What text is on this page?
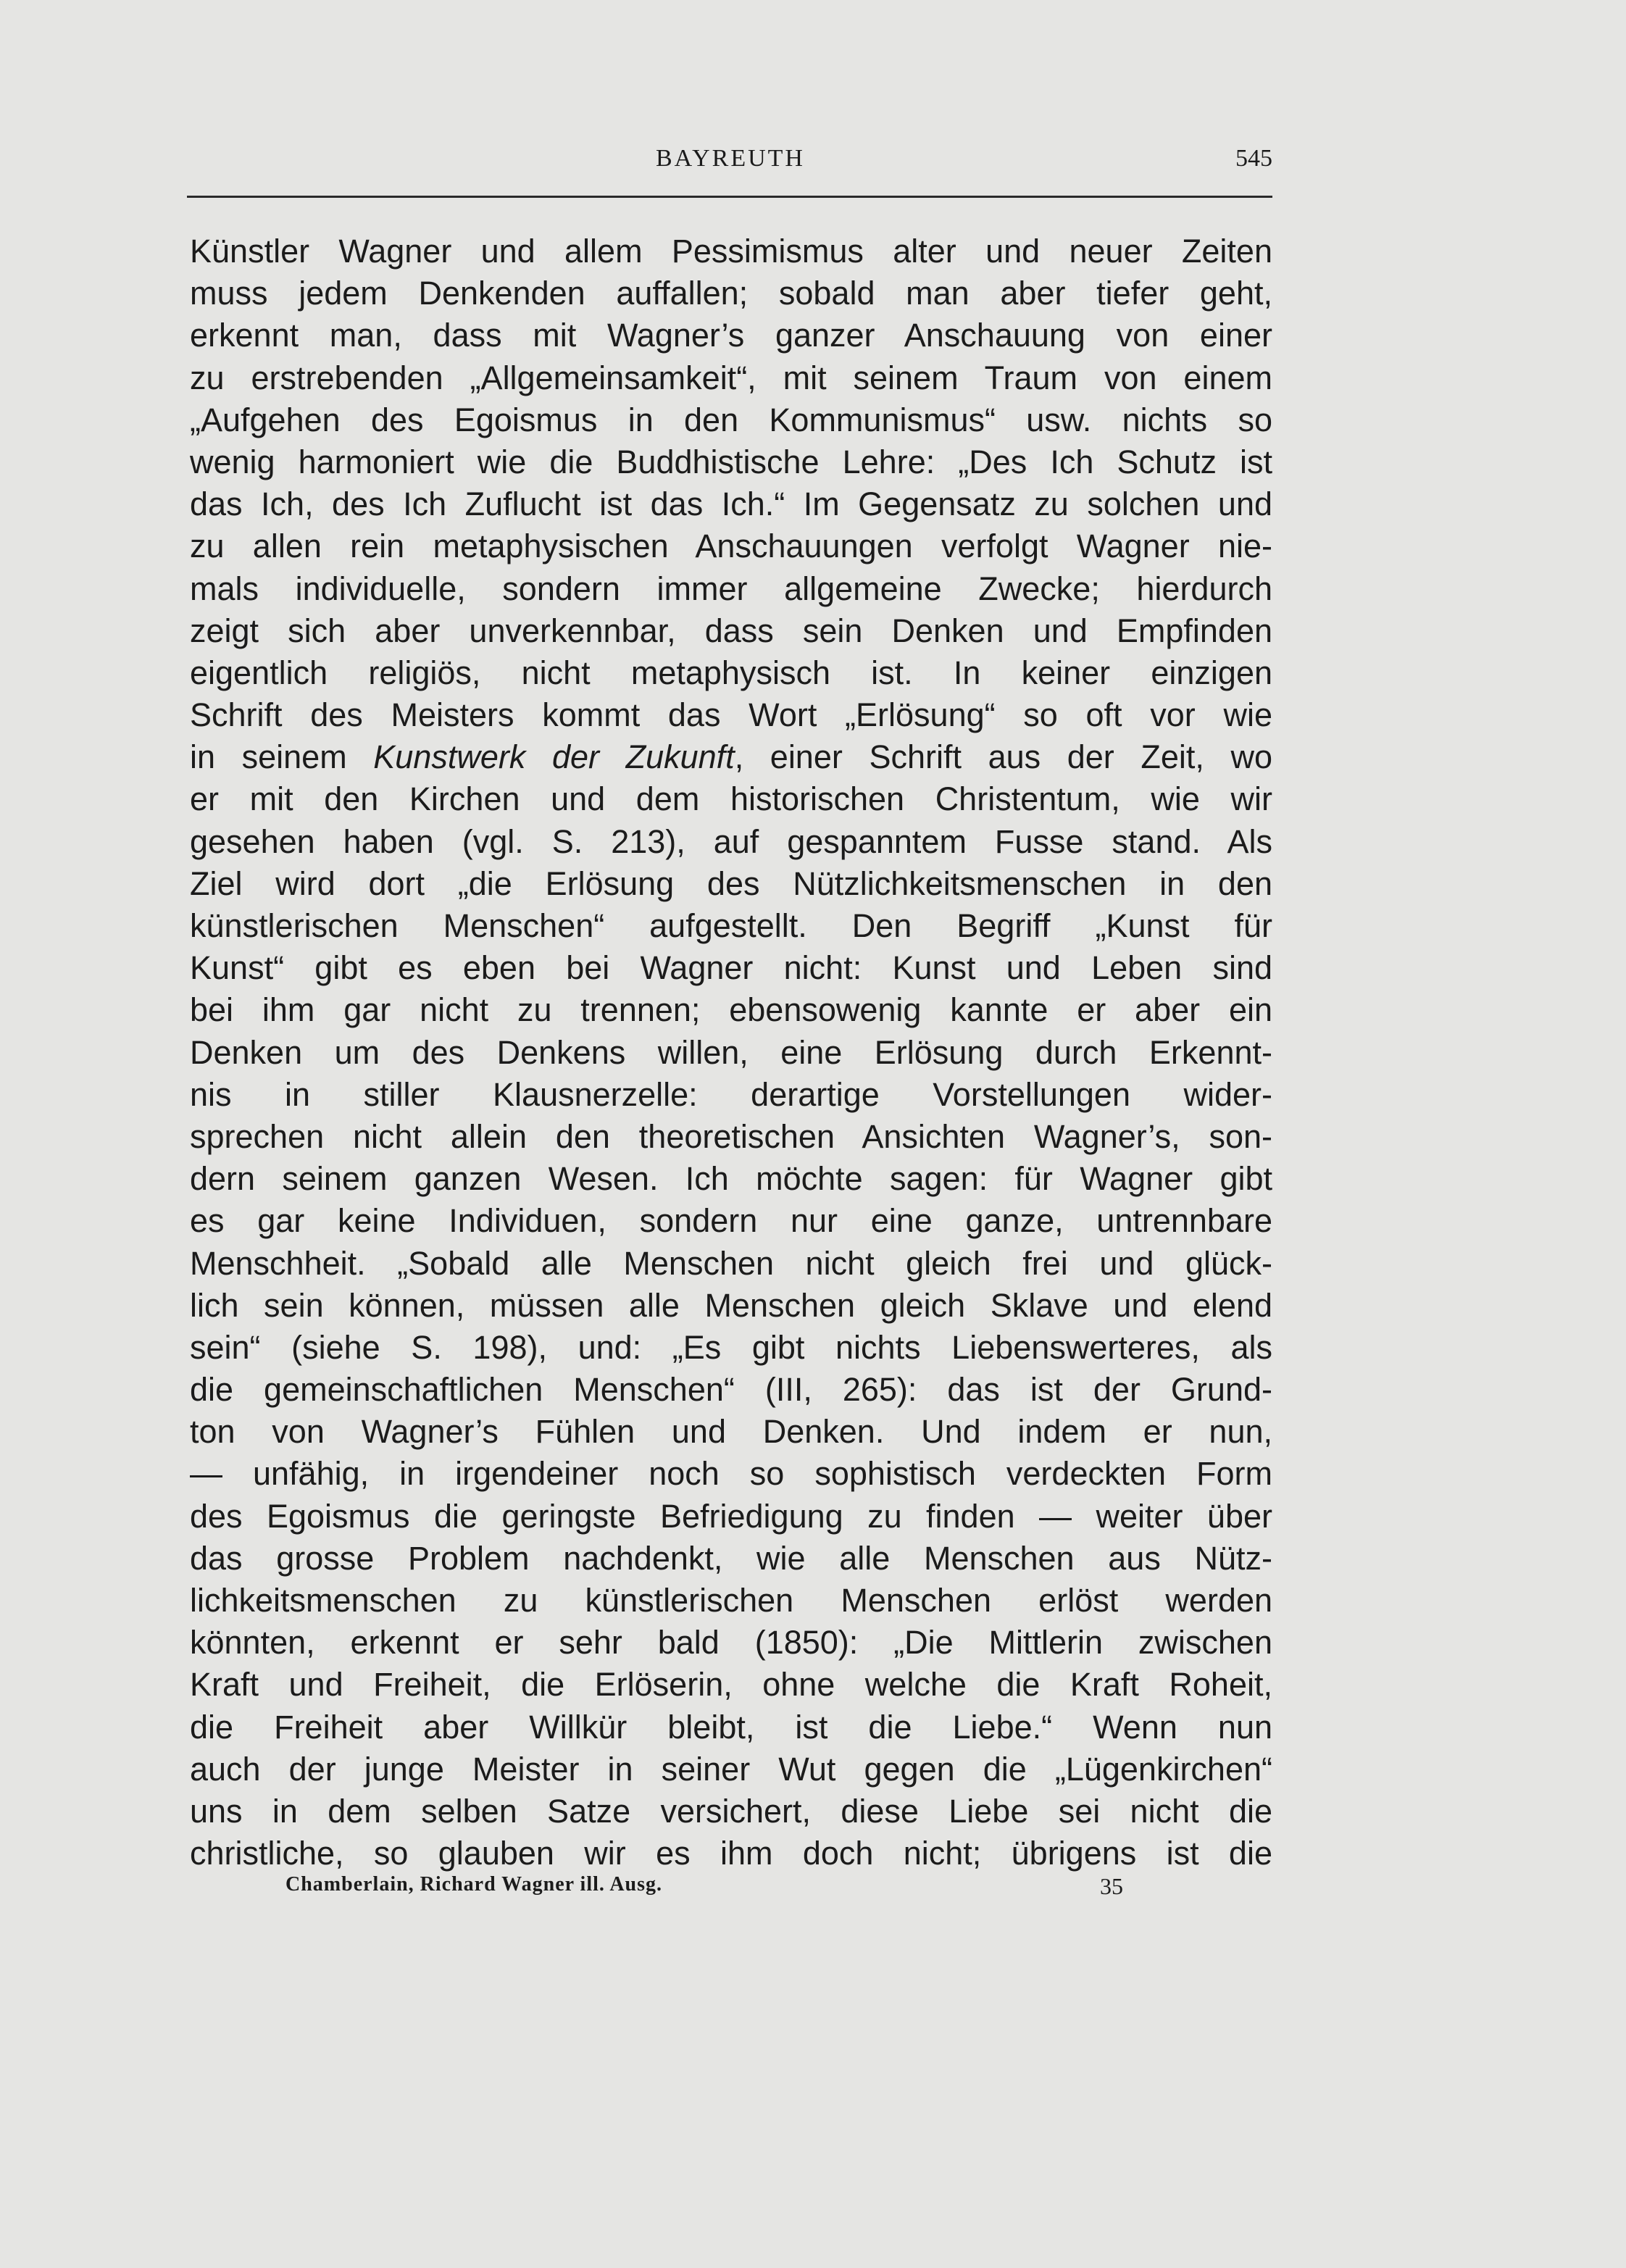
BAYREUTH	545
Künstler Wagner und allem Pessimismus alter und neuer Zeiten
muss jedem Denkenden auffallen; sobald man aber tiefer geht,
erkennt man, dass mit Wagner’s ganzer Anschauung von einer
zu erstrebenden „Allgemeinsamkeit“, mit seinem Traum von einem
„Aufgehen des Egoismus in den Kommunismus“ usw. nichts so
wenig harmoniert wie die Buddhistische Lehre: „Des Ich Schutz ist
das Ich, des Ich Zuflucht ist das Ich.“ Im Gegensatz zu solchen und
zu allen rein metaphysischen Anschauungen verfolgt Wagner nie-
mals individuelle, sondern immer allgemeine Zwecke; hierdurch
zeigt sich aber unverkennbar, dass sein Denken und Empfinden
eigentlich religiös, nicht metaphysisch ist. In keiner einzigen
Schrift des Meisters kommt das Wort „Erlösung“ so oft vor wie
in seinem Kunstwerk der Zukunft, einer Schrift aus der Zeit, wo
er mit den Kirchen und dem historischen Christentum, wie wir
gesehen haben (vgl. S. 213), auf gespanntem Fusse stand. Als
Ziel wird dort „die Erlösung des Nützlichkeitsmenschen in den
künstlerischen Menschen“ aufgestellt. Den Begriff „Kunst für
Kunst“ gibt es eben bei Wagner nicht: Kunst und Leben sind
bei ihm gar nicht zu trennen; ebensowenig kannte er aber ein
Denken um des Denkens willen, eine Erlösung durch Erkennt-
nis in stiller Klausnerzelle: derartige Vorstellungen wider-
sprechen nicht allein den theoretischen Ansichten Wagner’s, son-
dern seinem ganzen Wesen. Ich möchte sagen: für Wagner gibt
es gar keine Individuen, sondern nur eine ganze, untrennbare
Menschheit. „Sobald alle Menschen nicht gleich frei und glück-
lich sein können, müssen alle Menschen gleich Sklave und elend
sein“ (siehe S. 198), und: „Es gibt nichts Liebenswerteres, als
die gemeinschaftlichen Menschen“ (III, 265): das ist der Grund-
ton von Wagner’s Fühlen und Denken. Und indem er nun,
— unfähig, in irgendeiner noch so sophistisch verdeckten Form
des Egoismus die geringste Befriedigung zu finden — weiter über
das grosse Problem nachdenkt, wie alle Menschen aus Nütz-
lichkeitsmenschen zu künstlerischen Menschen erlöst werden
könnten, erkennt er sehr bald (1850): „Die Mittlerin zwischen
Kraft und Freiheit, die Erlöserin, ohne welche die Kraft Roheit,
die Freiheit aber Willkür bleibt, ist die Liebe.“ Wenn nun
auch der junge Meister in seiner Wut gegen die „Lügenkirchen“
uns in dem selben Satze versichert, diese Liebe sei nicht die
christliche, so glauben wir es ihm doch nicht; übrigens ist die
Chamberlain, Richard Wagner ill. Ausg.	35
